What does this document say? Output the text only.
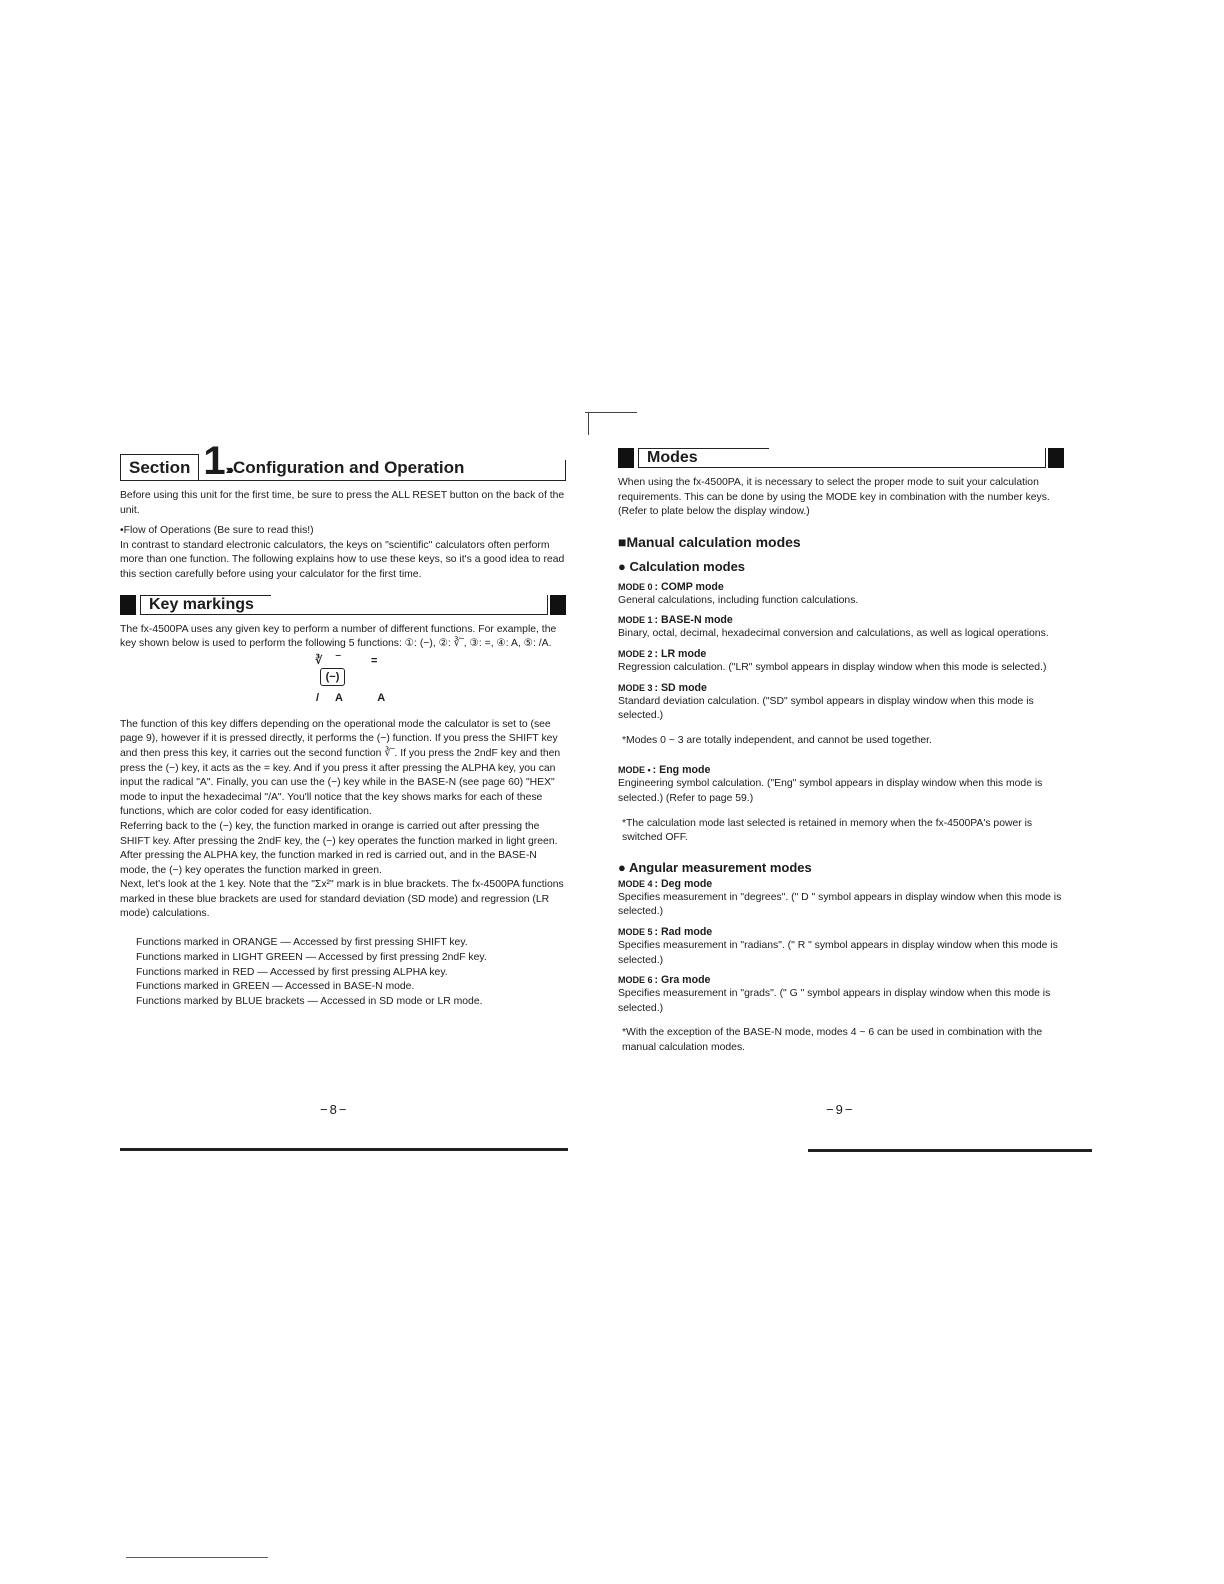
Section 1 ›››› Configuration and Operation

Before using this unit for the first time, be sure to press the ALL RESET button on the back of the unit.

•Flow of Operations (Be sure to read this!)

In contrast to standard electronic calculators, the keys on "scientific" calculators often perform more than one function. The following explains how to use these keys, so it's a good idea to read this section carefully before using your calculator for the first time.

Key markings

The fx-4500PA uses any given key to perform a number of different functions. For example, the key shown below is used to perform the following 5 functions: ①: (−), ②: ∛‾, ③: =, ④: A, ⑤: /A.

∛‾ =
(−)
/A A

The function of this key differs depending on the operational mode the calculator is set to (see page 9), however if it is pressed directly, it performs the (−) function. If you press the SHIFT key and then press this key, it carries out the second function ∛‾. If you press the 2ndF key and then press the (−) key, it acts as the = key. And if you press it after pressing the ALPHA key, you can input the radical "A". Finally, you can use the (−) key while in the BASE-N (see page 60) "HEX" mode to input the hexadecimal "/A". You'll notice that the key shows marks for each of these functions, which are color coded for easy identification.

Referring back to the (−) key, the function marked in orange is carried out after pressing the SHIFT key. After pressing the 2ndF key, the (−) key operates the function marked in light green. After pressing the ALPHA key, the function marked in red is carried out, and in the BASE-N mode, the (−) key operates the function marked in green.

Next, let's look at the 1 key. Note that the "Σx²" mark is in blue brackets. The fx-4500PA functions marked in these blue brackets are used for standard deviation (SD mode) and regression (LR mode) calculations.

Functions marked in ORANGE — Accessed by first pressing SHIFT key.

Functions marked in LIGHT GREEN — Accessed by first pressing 2ndF key.

Functions marked in RED — Accessed by first pressing ALPHA key.

Functions marked in GREEN — Accessed in BASE-N mode.

Functions marked by BLUE brackets — Accessed in SD mode or LR mode.

Modes

When using the fx-4500PA, it is necessary to select the proper mode to suit your calculation requirements. This can be done by using the MODE key in combination with the number keys. (Refer to plate below the display window.)

■Manual calculation modes
● Calculation modes
MODE 0 : COMP mode

General calculations, including function calculations.

MODE 1 : BASE-N mode

Binary, octal, decimal, hexadecimal conversion and calculations, as well as logical operations.

MODE 2 : LR mode

Regression calculation. ("LR" symbol appears in display window when this mode is selected.)

MODE 3 : SD mode

Standard deviation calculation. ("SD" symbol appears in display window when this mode is selected.)

*Modes 0 ~ 3 are totally independent, and cannot be used together.
MODE • : Eng mode

Engineering symbol calculation. ("Eng" symbol appears in display window when this mode is selected.) (Refer to page 59.)

*The calculation mode last selected is retained in memory when the fx-4500PA's power is switched OFF.
● Angular measurement modes
MODE 4 : Deg mode

Specifies measurement in "degrees". (" D " symbol appears in display window when this mode is selected.)

MODE 5 : Rad mode

Specifies measurement in "radians". (" R " symbol appears in display window when this mode is selected.)

MODE 6 : Gra mode

Specifies measurement in "grads". (" G " symbol appears in display window when this mode is selected.)

*With the exception of the BASE-N mode, modes 4 ~ 6 can be used in combination with the manual calculation modes.
−8−	−9−
